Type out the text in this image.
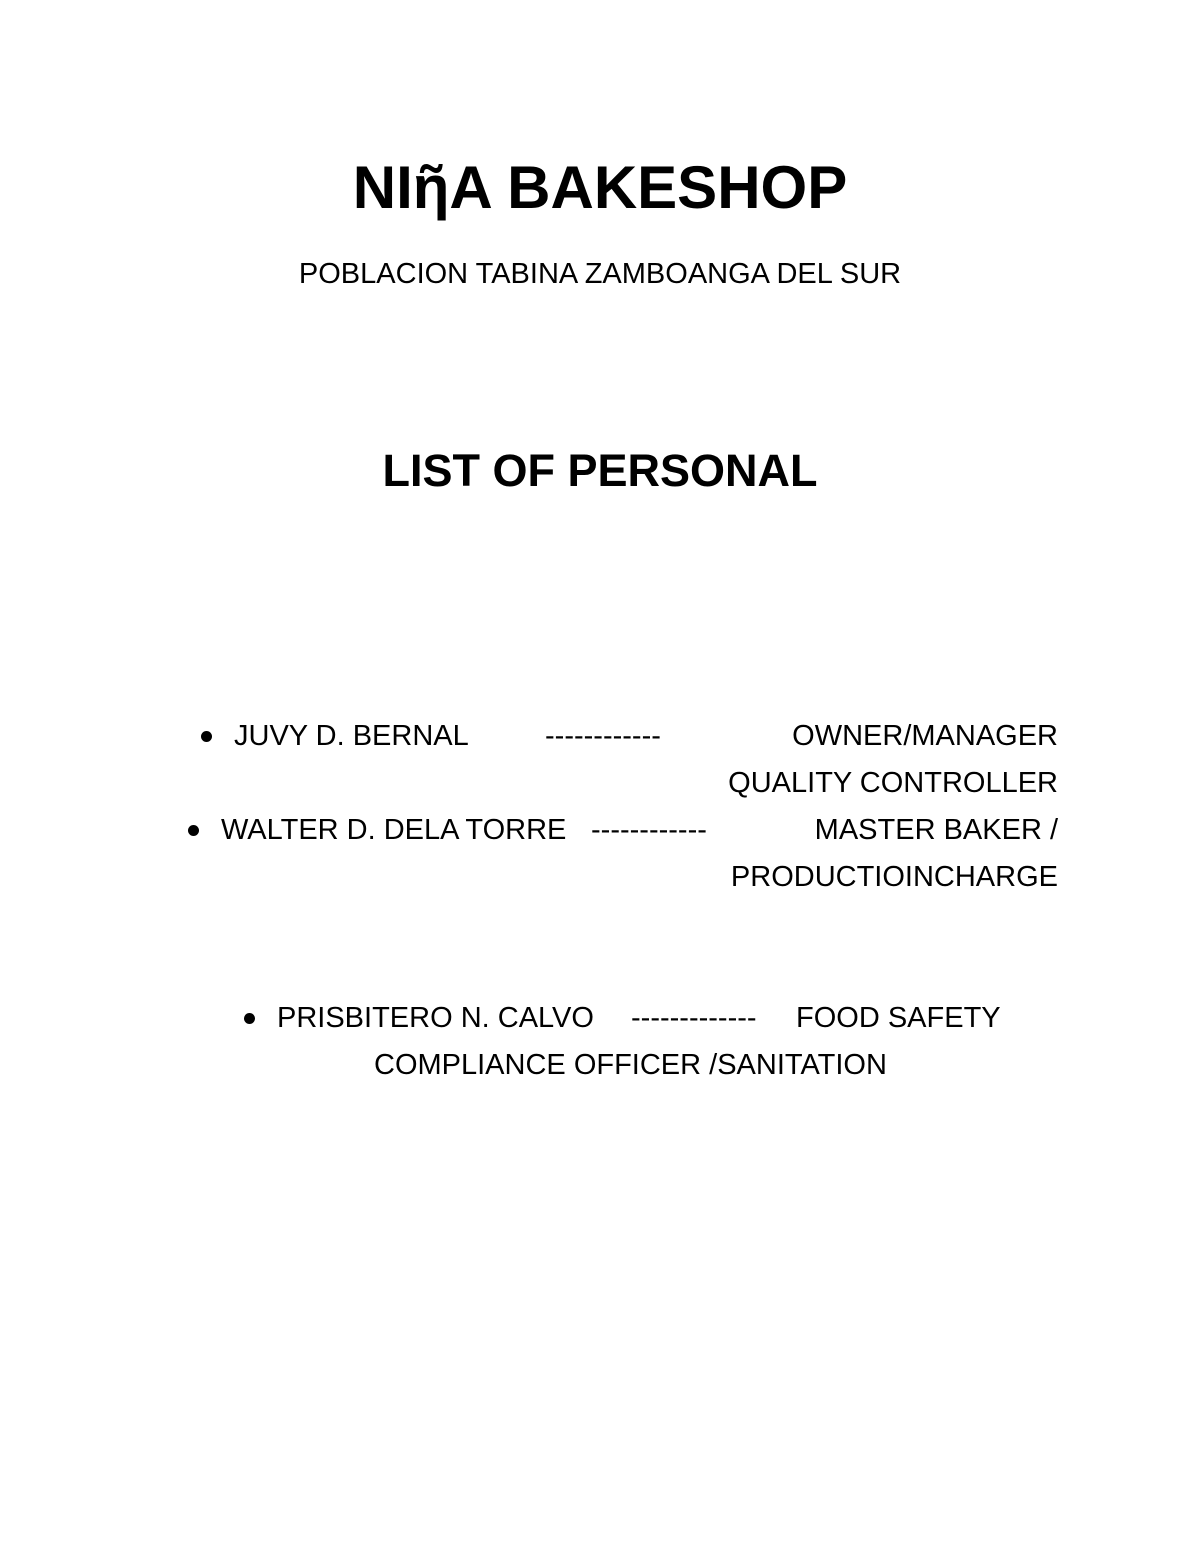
NIῆA BAKESHOP
POBLACION TABINA ZAMBOANGA DEL SUR
LIST OF PERSONAL
JUVY D. BERNAL	------------	OWNER/MANAGER
QUALITY CONTROLLER
WALTER D. DELA TORRE ------------	MASTER BAKER /
PRODUCTIOINCHARGE
PRISBITERO N. CALVO ------------- FOOD SAFETY
COMPLIANCE OFFICER /SANITATION
